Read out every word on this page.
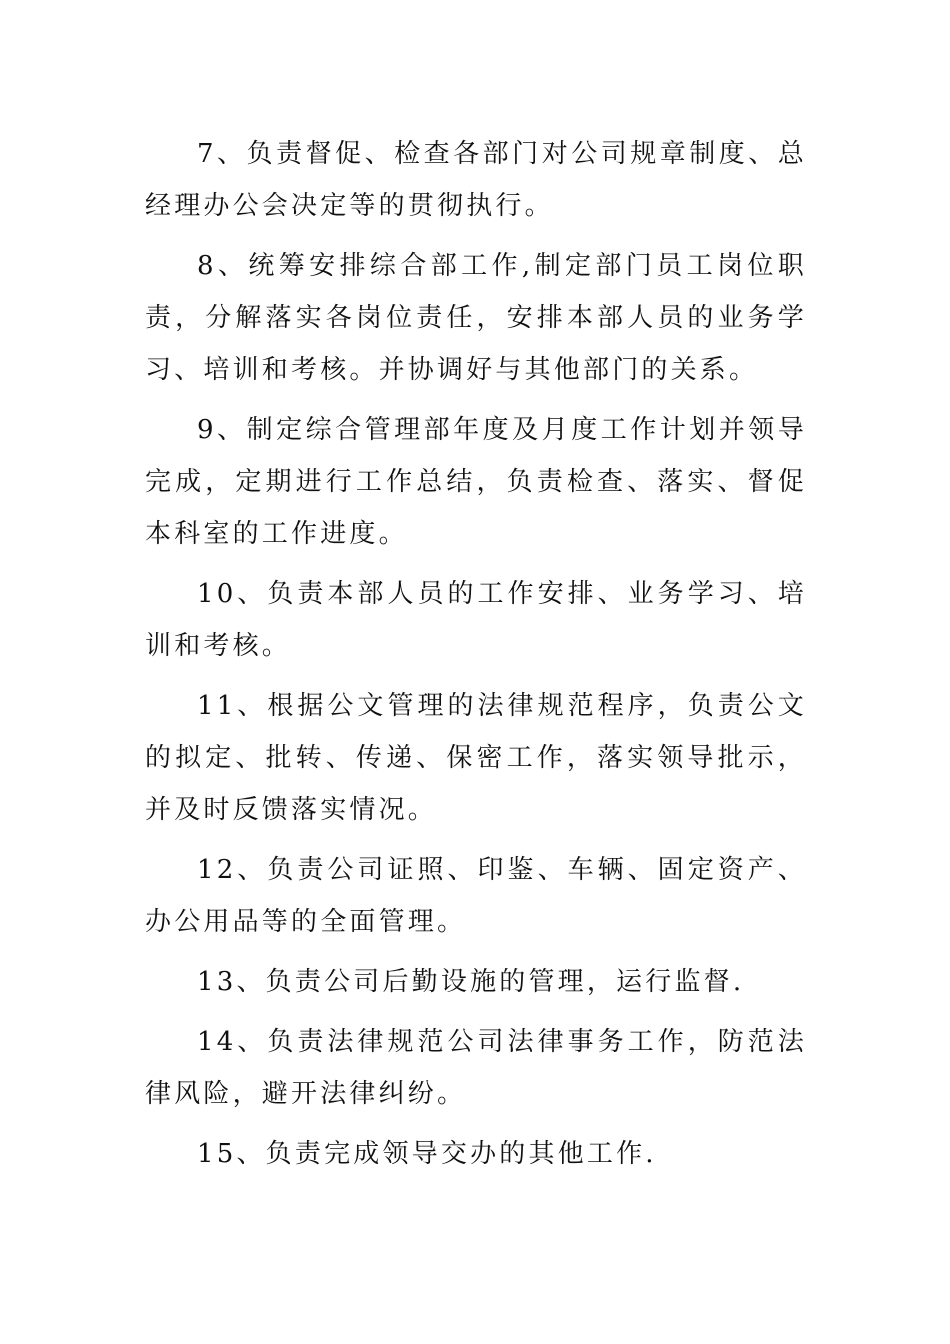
7、负责督促、检查各部门对公司规章制度、总经理办公会决定等的贯彻执行。

8、统筹安排综合部工作,制定部门员工岗位职责，分解落实各岗位责任，安排本部人员的业务学习、培训和考核。并协调好与其他部门的关系。

9、制定综合管理部年度及月度工作计划并领导完成，定期进行工作总结，负责检查、落实、督促本科室的工作进度。

10、负责本部人员的工作安排、业务学习、培训和考核。

11、根据公文管理的法律规范程序，负责公文的拟定、批转、传递、保密工作，落实领导批示，并及时反馈落实情况。

12、负责公司证照、印鉴、车辆、固定资产、办公用品等的全面管理。

13、负责公司后勤设施的管理，运行监督.

14、负责法律规范公司法律事务工作，防范法律风险，避开法律纠纷。

15、负责完成领导交办的其他工作.
